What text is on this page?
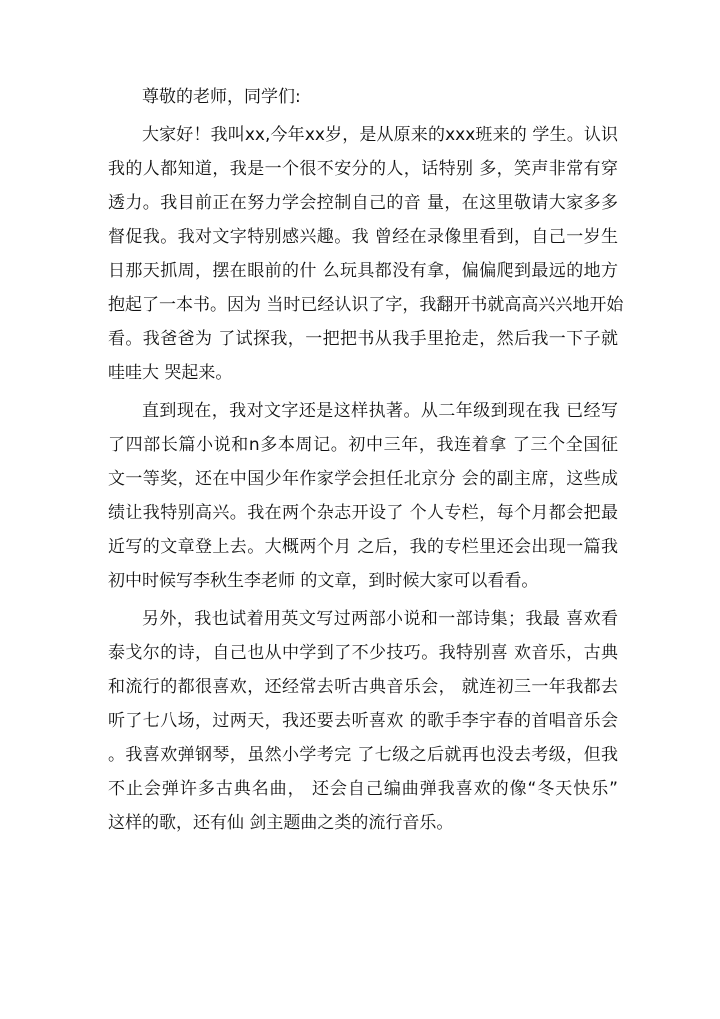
尊敬的老师，同学们:
大家好！我叫xx,今年xx岁，是从原来的xxx班来的 学生。认识
我的人都知道，我是一个很不安分的人，话特别 多，笑声非常有穿
透力。我目前正在努力学会控制自己的音 量，在这里敬请大家多多
督促我。我对文字特别感兴趣。我 曾经在录像里看到，自己一岁生
日那天抓周，摆在眼前的什 么玩具都没有拿，偏偏爬到最远的地方
抱起了一本书。因为 当时已经认识了字，我翻开书就高高兴兴地开始
看。我爸爸为 了试探我，一把把书从我手里抢走，然后我一下子就
哇哇大 哭起来。
直到现在，我对文字还是这样执著。从二年级到现在我 已经写
了四部长篇小说和n多本周记。初中三年，我连着拿 了三个全国征
文一等奖，还在中国少年作家学会担任北京分 会的副主席，这些成
绩让我特别高兴。我在两个杂志开设了 个人专栏，每个月都会把最
近写的文章登上去。大概两个月 之后，我的专栏里还会出现一篇我
初中时候写李秋生李老师 的文章，到时候大家可以看看。
另外，我也试着用英文写过两部小说和一部诗集；我最 喜欢看
泰戈尔的诗，自己也从中学到了不少技巧。我特别喜 欢音乐，古典
和流行的都很喜欢，还经常去听古典音乐会， 就连初三一年我都去
听了七八场，过两天，我还要去听喜欢 的歌手李宇春的首唱音乐会
。我喜欢弹钢琴，虽然小学考完 了七级之后就再也没去考级，但我
不止会弹许多古典名曲， 还会自己编曲弹我喜欢的像“冬天快乐”
这样的歌，还有仙 剑主题曲之类的流行音乐。
